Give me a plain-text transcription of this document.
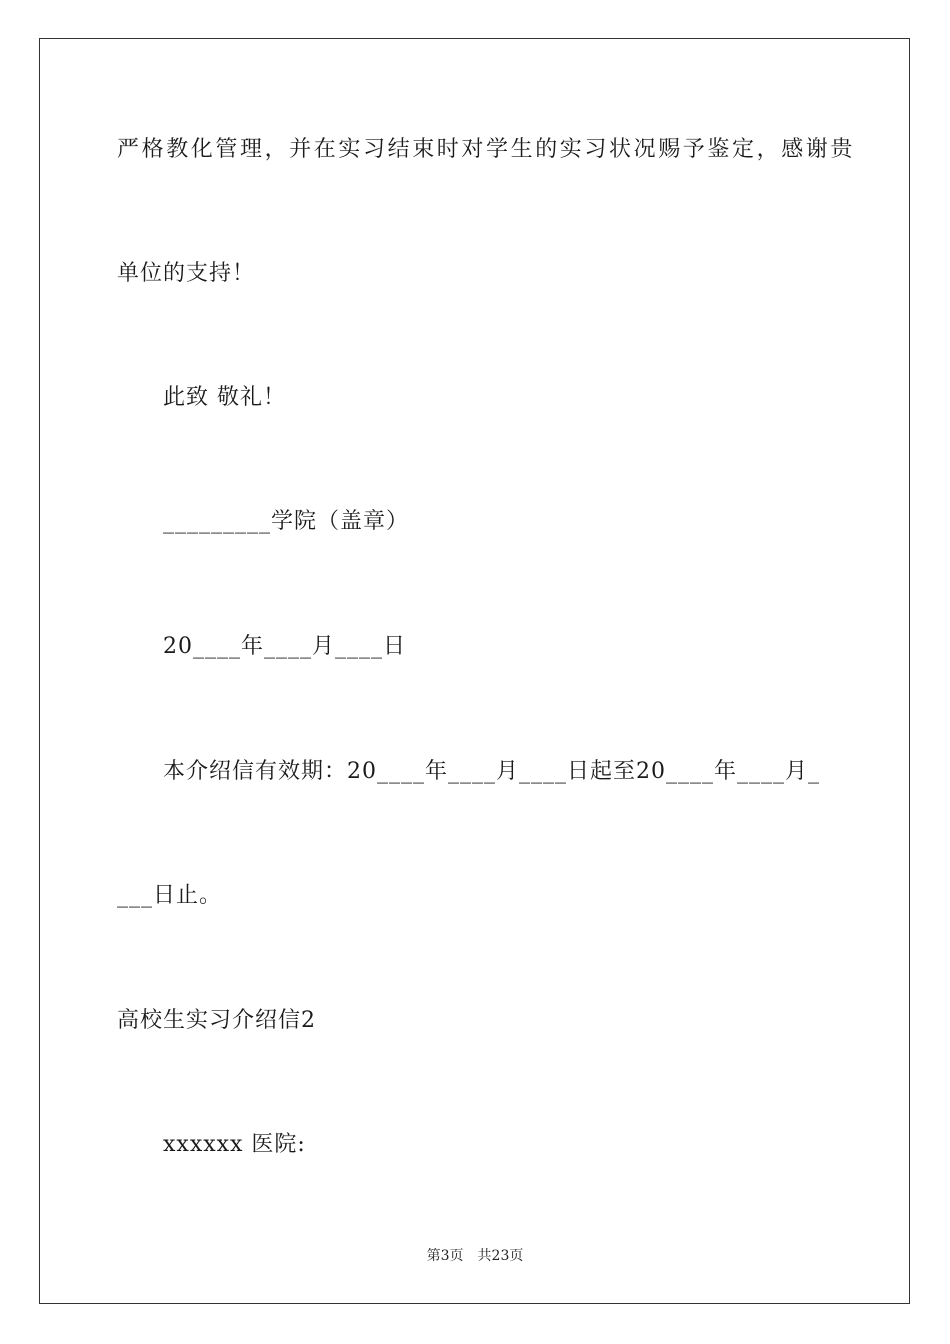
严格教化管理，并在实习结束时对学生的实习状况赐予鉴定，感谢贵
单位的支持！
此致 敬礼！
_________学院（盖章）
20____年____月____日
本介绍信有效期：20____年____月____日起至20____年____月_
___日止。
高校生实习介绍信2
xxxxxx 医院:
第3页　共23页
